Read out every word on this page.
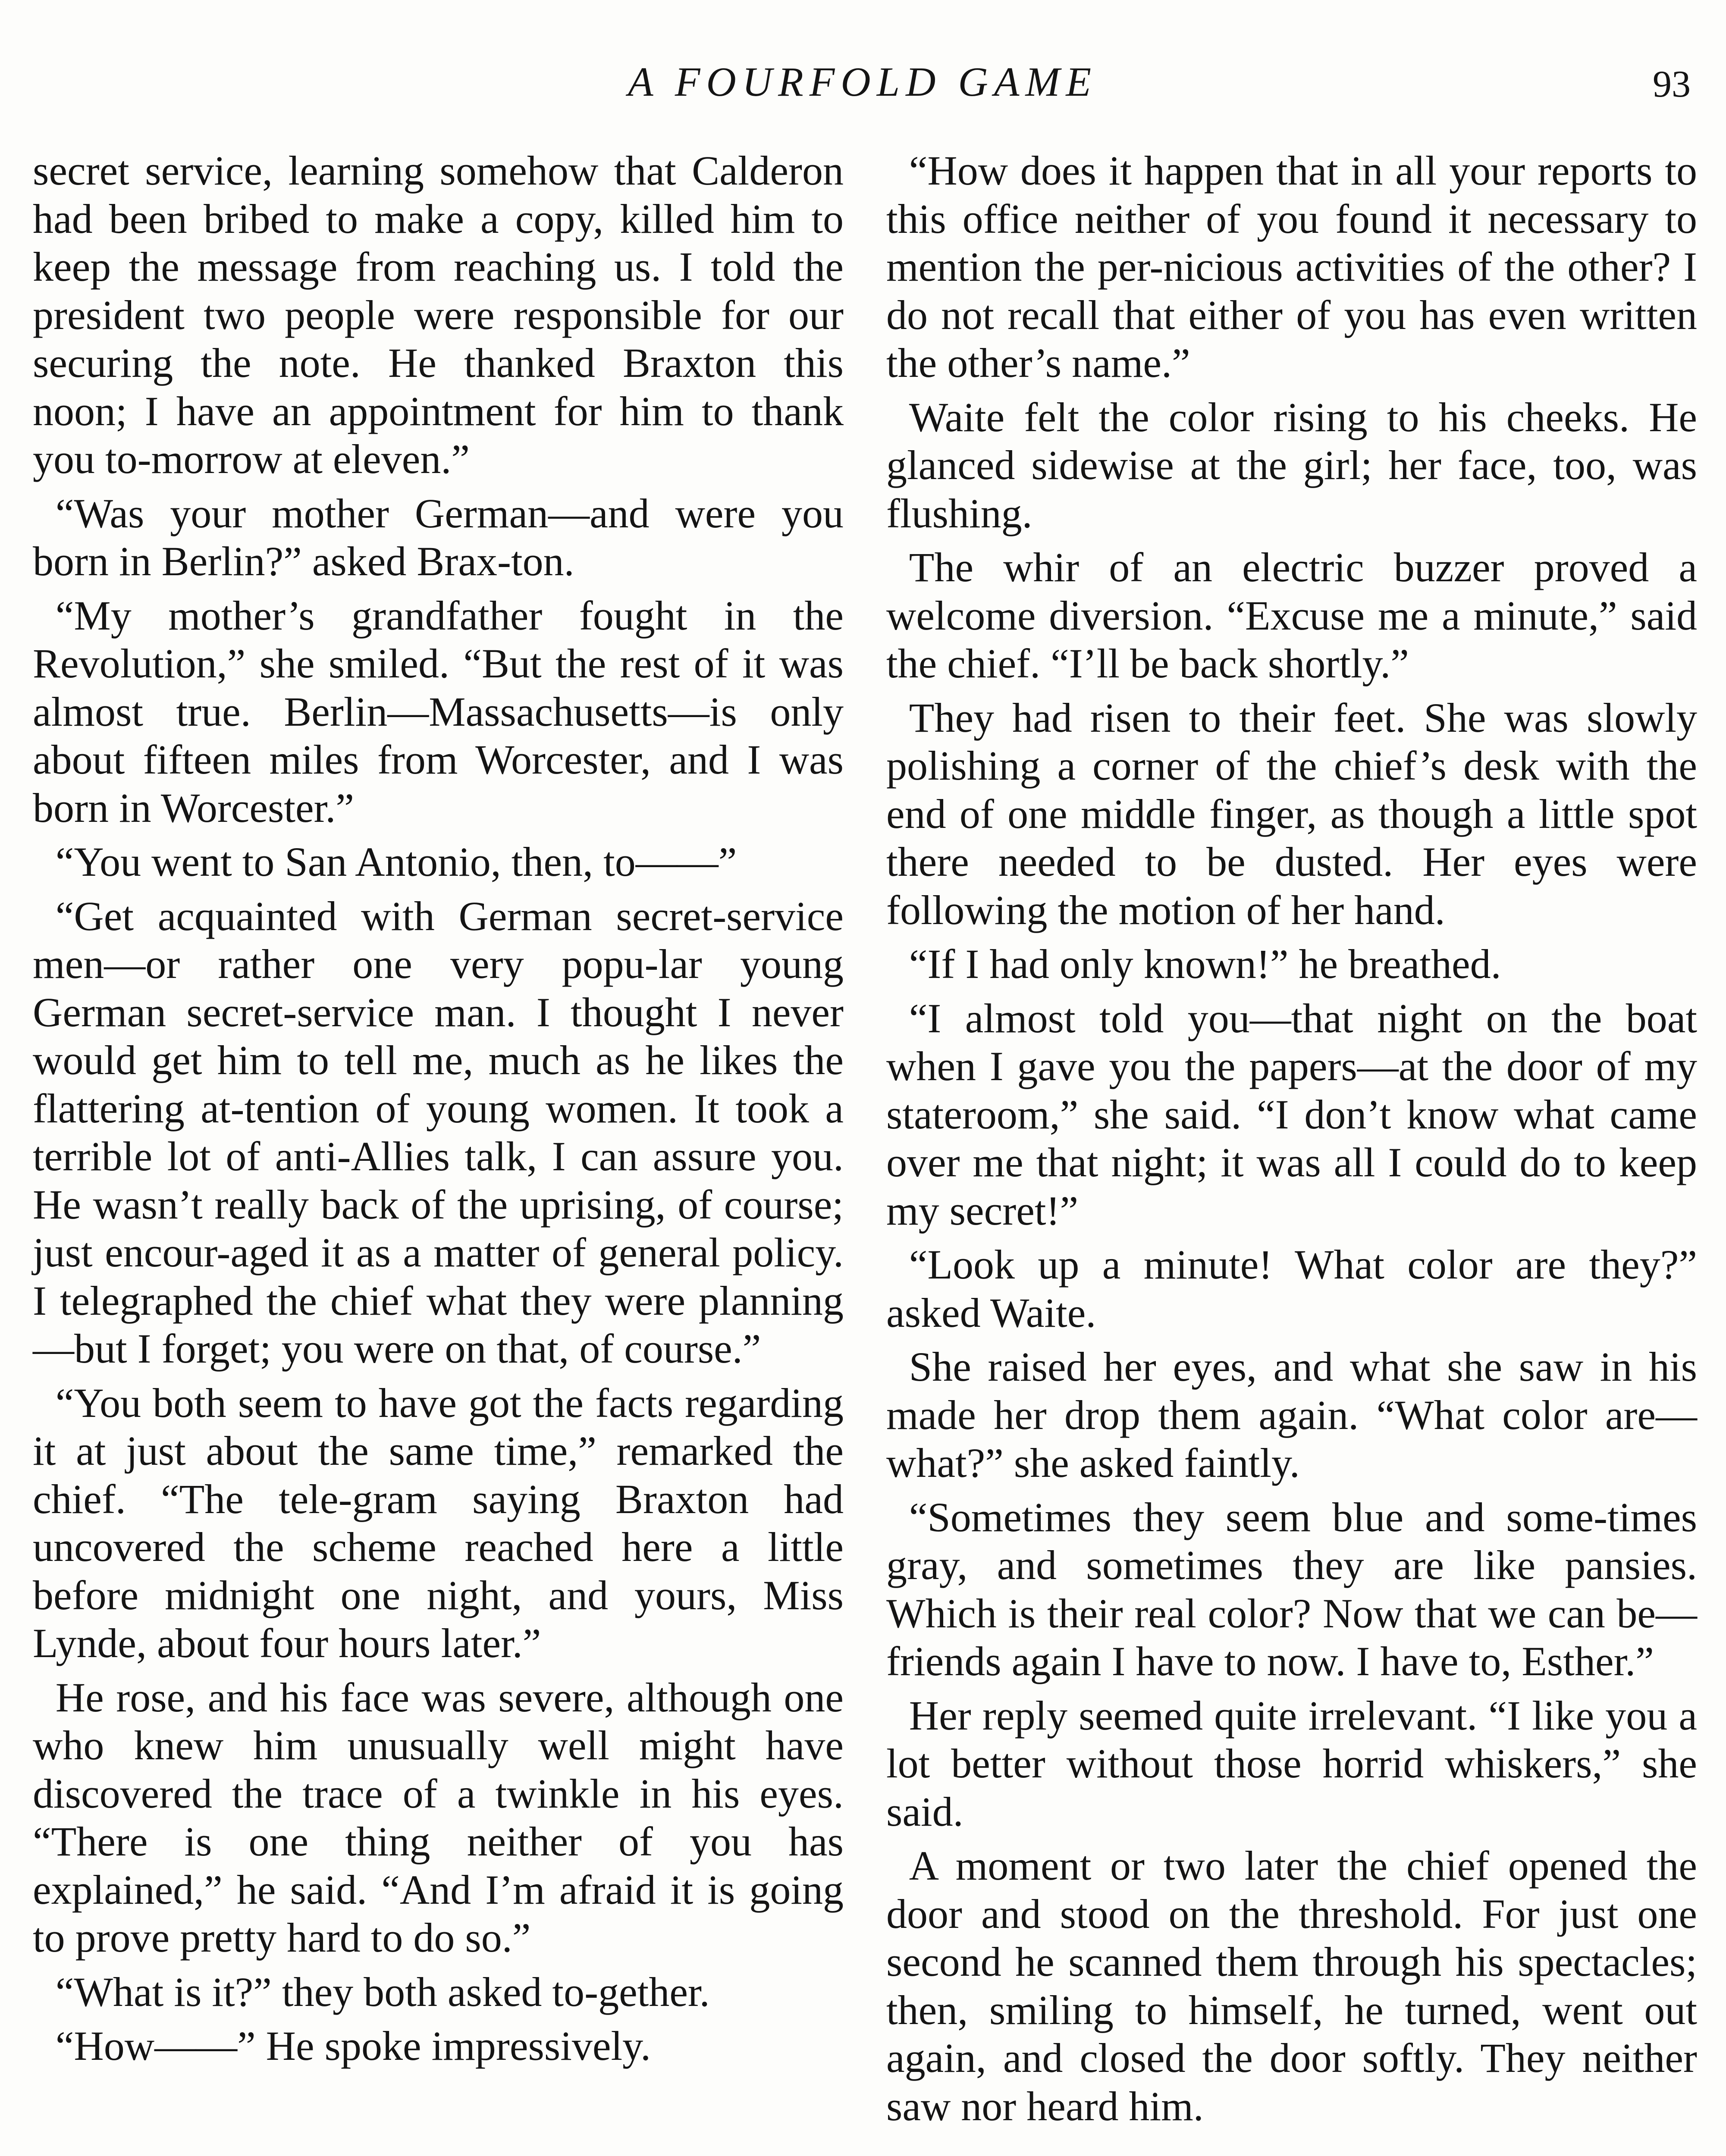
A FOURFOLD GAME	93

secret service, learning somehow that Calderon had been bribed to make a copy, killed him to keep the message from reaching us. I told the president two people were responsible for our securing the note. He thanked Braxton this noon; I have an appointment for him to thank you to-morrow at eleven.”

“Was your mother German—and were you born in Berlin?” asked Brax-ton.

“My mother’s grandfather fought in the Revolution,” she smiled. “But the rest of it was almost true. Berlin—Massachusetts—is only about fifteen miles from Worcester, and I was born in Worcester.”

“You went to San Antonio, then, to——”

“Get acquainted with German secret-service men—or rather one very popu-lar young German secret-service man. I thought I never would get him to tell me, much as he likes the flattering at-tention of young women. It took a terrible lot of anti-Allies talk, I can assure you. He wasn’t really back of the uprising, of course; just encour-aged it as a matter of general policy. I telegraphed the chief what they were planning—but I forget; you were on that, of course.”

“You both seem to have got the facts regarding it at just about the same time,” remarked the chief. “The tele-gram saying Braxton had uncovered the scheme reached here a little before midnight one night, and yours, Miss Lynde, about four hours later.”

He rose, and his face was severe, although one who knew him unusually well might have discovered the trace of a twinkle in his eyes. “There is one thing neither of you has explained,” he said. “And I’m afraid it is going to prove pretty hard to do so.”

“What is it?” they both asked to-gether.

“How——” He spoke impressively.

“How does it happen that in all your reports to this office neither of you found it necessary to mention the per-nicious activities of the other? I do not recall that either of you has even written the other’s name.”

Waite felt the color rising to his cheeks. He glanced sidewise at the girl; her face, too, was flushing.

The whir of an electric buzzer proved a welcome diversion. “Excuse me a minute,” said the chief. “I’ll be back shortly.”

They had risen to their feet. She was slowly polishing a corner of the chief’s desk with the end of one middle finger, as though a little spot there needed to be dusted. Her eyes were following the motion of her hand.

“If I had only known!” he breathed.

“I almost told you—that night on the boat when I gave you the papers—at the door of my stateroom,” she said. “I don’t know what came over me that night; it was all I could do to keep my secret!”

“Look up a minute! What color are they?” asked Waite.

She raised her eyes, and what she saw in his made her drop them again. “What color are—what?” she asked faintly.

“Sometimes they seem blue and some-times gray, and sometimes they are like pansies. Which is their real color? Now that we can be—friends again I have to now. I have to, Esther.”

Her reply seemed quite irrelevant. “I like you a lot better without those horrid whiskers,” she said.

A moment or two later the chief opened the door and stood on the threshold. For just one second he scanned them through his spectacles; then, smiling to himself, he turned, went out again, and closed the door softly. They neither saw nor heard him.
